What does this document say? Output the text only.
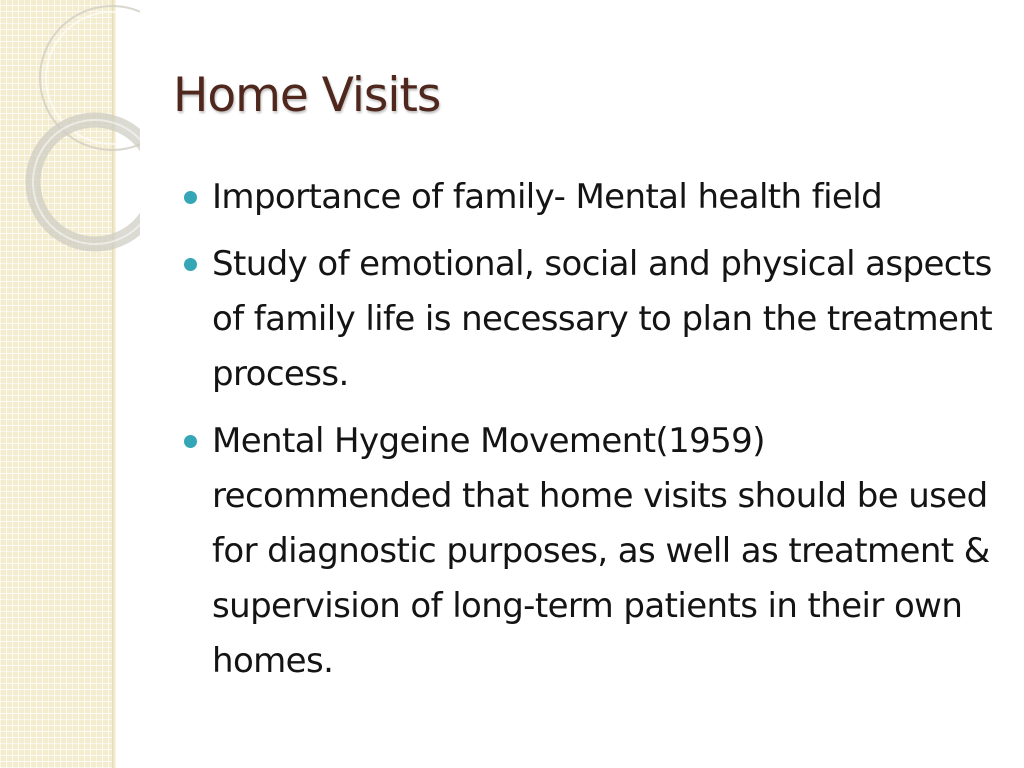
Home Visits
Importance of family- Mental health field
Study of emotional, social and physical aspects of family life is necessary to plan the treatment process.
Mental Hygeine Movement(1959) recommended that home visits should be used for diagnostic purposes, as well as treatment & supervision of long-term patients in their own homes.
